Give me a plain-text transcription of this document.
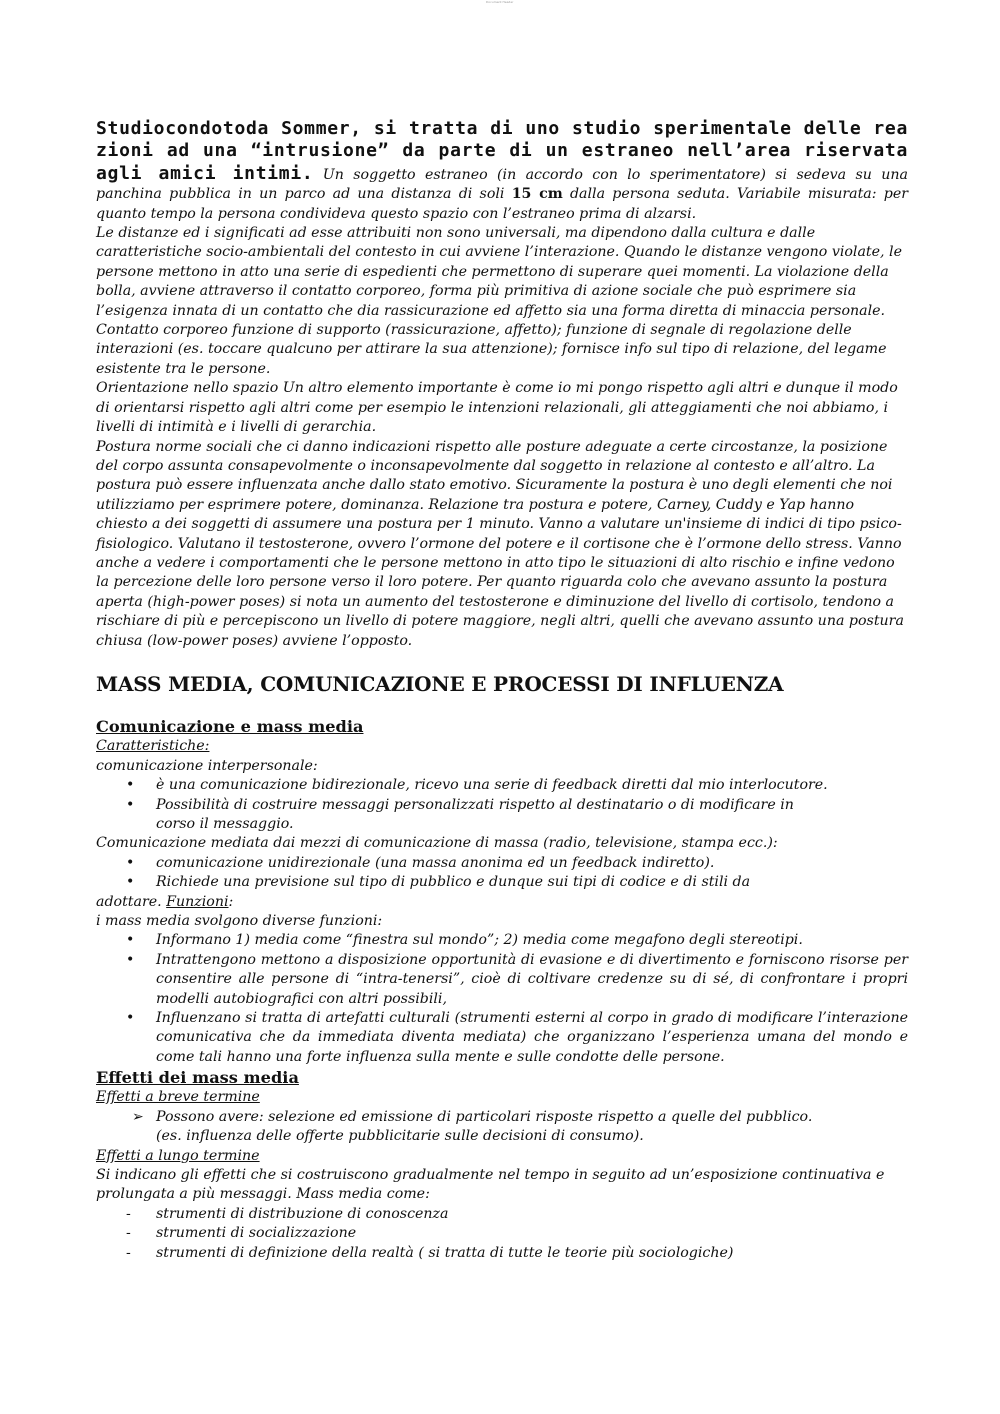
Document Header

Studiocondotoda Sommer, si tratta di uno studio sperimentale delle reazioni ad una “intrusione” da parte di un estraneo nell’area riservata agli amici intimi. Un soggetto estraneo (in accordo con lo sperimentatore) si sedeva su una panchina pubblica in un parco ad una distanza di soli 15 cm dalla persona seduta. Variabile misurata: per quanto tempo la persona condivideva questo spazio con l’estraneo prima di alzarsi.

Le distanze ed i significati ad esse attribuiti non sono universali, ma dipendono dalla cultura e dalle caratteristiche socio-ambientali del contesto in cui avviene l’interazione. Quando le distanze vengono violate, le persone mettono in atto una serie di espedienti che permettono di superare quei momenti. La violazione della bolla, avviene attraverso il contatto corporeo, forma più primitiva di azione sociale che può esprimere sia l’esigenza innata di un contatto che dia rassicurazione ed affetto sia una forma diretta di minaccia personale.

Contatto corporeo funzione di supporto (rassicurazione, affetto); funzione di segnale di regolazione delle interazioni (es. toccare qualcuno per attirare la sua attenzione); fornisce info sul tipo di relazione, del legame esistente tra le persone.

Orientazione nello spazio Un altro elemento importante è come io mi pongo rispetto agli altri e dunque il modo di orientarsi rispetto agli altri come per esempio le intenzioni relazionali, gli atteggiamenti che noi abbiamo, i livelli di intimità e i livelli di gerarchia.

Postura norme sociali che ci danno indicazioni rispetto alle posture adeguate a certe circostanze, la posizione del corpo assunta consapevolmente o inconsapevolmente dal soggetto in relazione al contesto e all’altro. La postura può essere influenzata anche dallo stato emotivo. Sicuramente la postura è uno degli elementi che noi utilizziamo per esprimere potere, dominanza. Relazione tra postura e potere, Carney, Cuddy e Yap hanno chiesto a dei soggetti di assumere una postura per 1 minuto. Vanno a valutare un'insieme di indici di tipo psico-fisiologico. Valutano il testosterone, ovvero l’ormone del potere e il cortisone che è l’ormone dello stress. Vanno anche a vedere i comportamenti che le persone mettono in atto tipo le situazioni di alto rischio e infine vedono la percezione delle loro persone verso il loro potere. Per quanto riguarda colo che avevano assunto la postura aperta (high-power poses) si nota un aumento del testosterone e diminuzione del livello di cortisolo, tendono a rischiare di più e percepiscono un livello di potere maggiore, negli altri, quelli che avevano assunto una postura chiusa (low-power poses) avviene l’opposto.

MASS MEDIA, COMUNICAZIONE E PROCESSI DI INFLUENZA
Comunicazione e mass media

Caratteristiche:

comunicazione interpersonale:

• è una comunicazione bidirezionale, ricevo una serie di feedback diretti dal mio interlocutore.
• Possibilità di costruire messaggi personalizzati rispetto al destinatario o di modificare in corso il messaggio.

Comunicazione mediata dai mezzi di comunicazione di massa (radio, televisione, stampa ecc.):

• comunicazione unidirezionale (una massa anonima ed un feedback indiretto).
• Richiede una previsione sul tipo di pubblico e dunque sui tipi di codice e di stili da

adottare. Funzioni:

i mass media svolgono diverse funzioni:

• Informano 1) media come “finestra sul mondo”; 2) media come megafono degli stereotipi.
• Intrattengono mettono a disposizione opportunità di evasione e di divertimento e forniscono risorse per consentire alle persone di “intra-tenersi”, cioè di coltivare credenze su di sé, di confrontare i propri modelli autobiografici con altri possibili,
• Influenzano si tratta di artefatti culturali (strumenti esterni al corpo in grado di modificare l’interazione comunicativa che da immediata diventa mediata) che organizzano l’esperienza umana del mondo e come tali hanno una forte influenza sulla mente e sulle condotte delle persone.
Effetti dei mass media

Effetti a breve termine

➢ Possono avere: selezione ed emissione di particolari risposte rispetto a quelle del pubblico. (es. influenza delle offerte pubblicitarie sulle decisioni di consumo).

Effetti a lungo termine

Si indicano gli effetti che si costruiscono gradualmente nel tempo in seguito ad un’esposizione continuativa e prolungata a più messaggi. Mass media come:

- strumenti di distribuzione di conoscenza
- strumenti di socializzazione
- strumenti di definizione della realtà ( si tratta di tutte le teorie più sociologiche)
